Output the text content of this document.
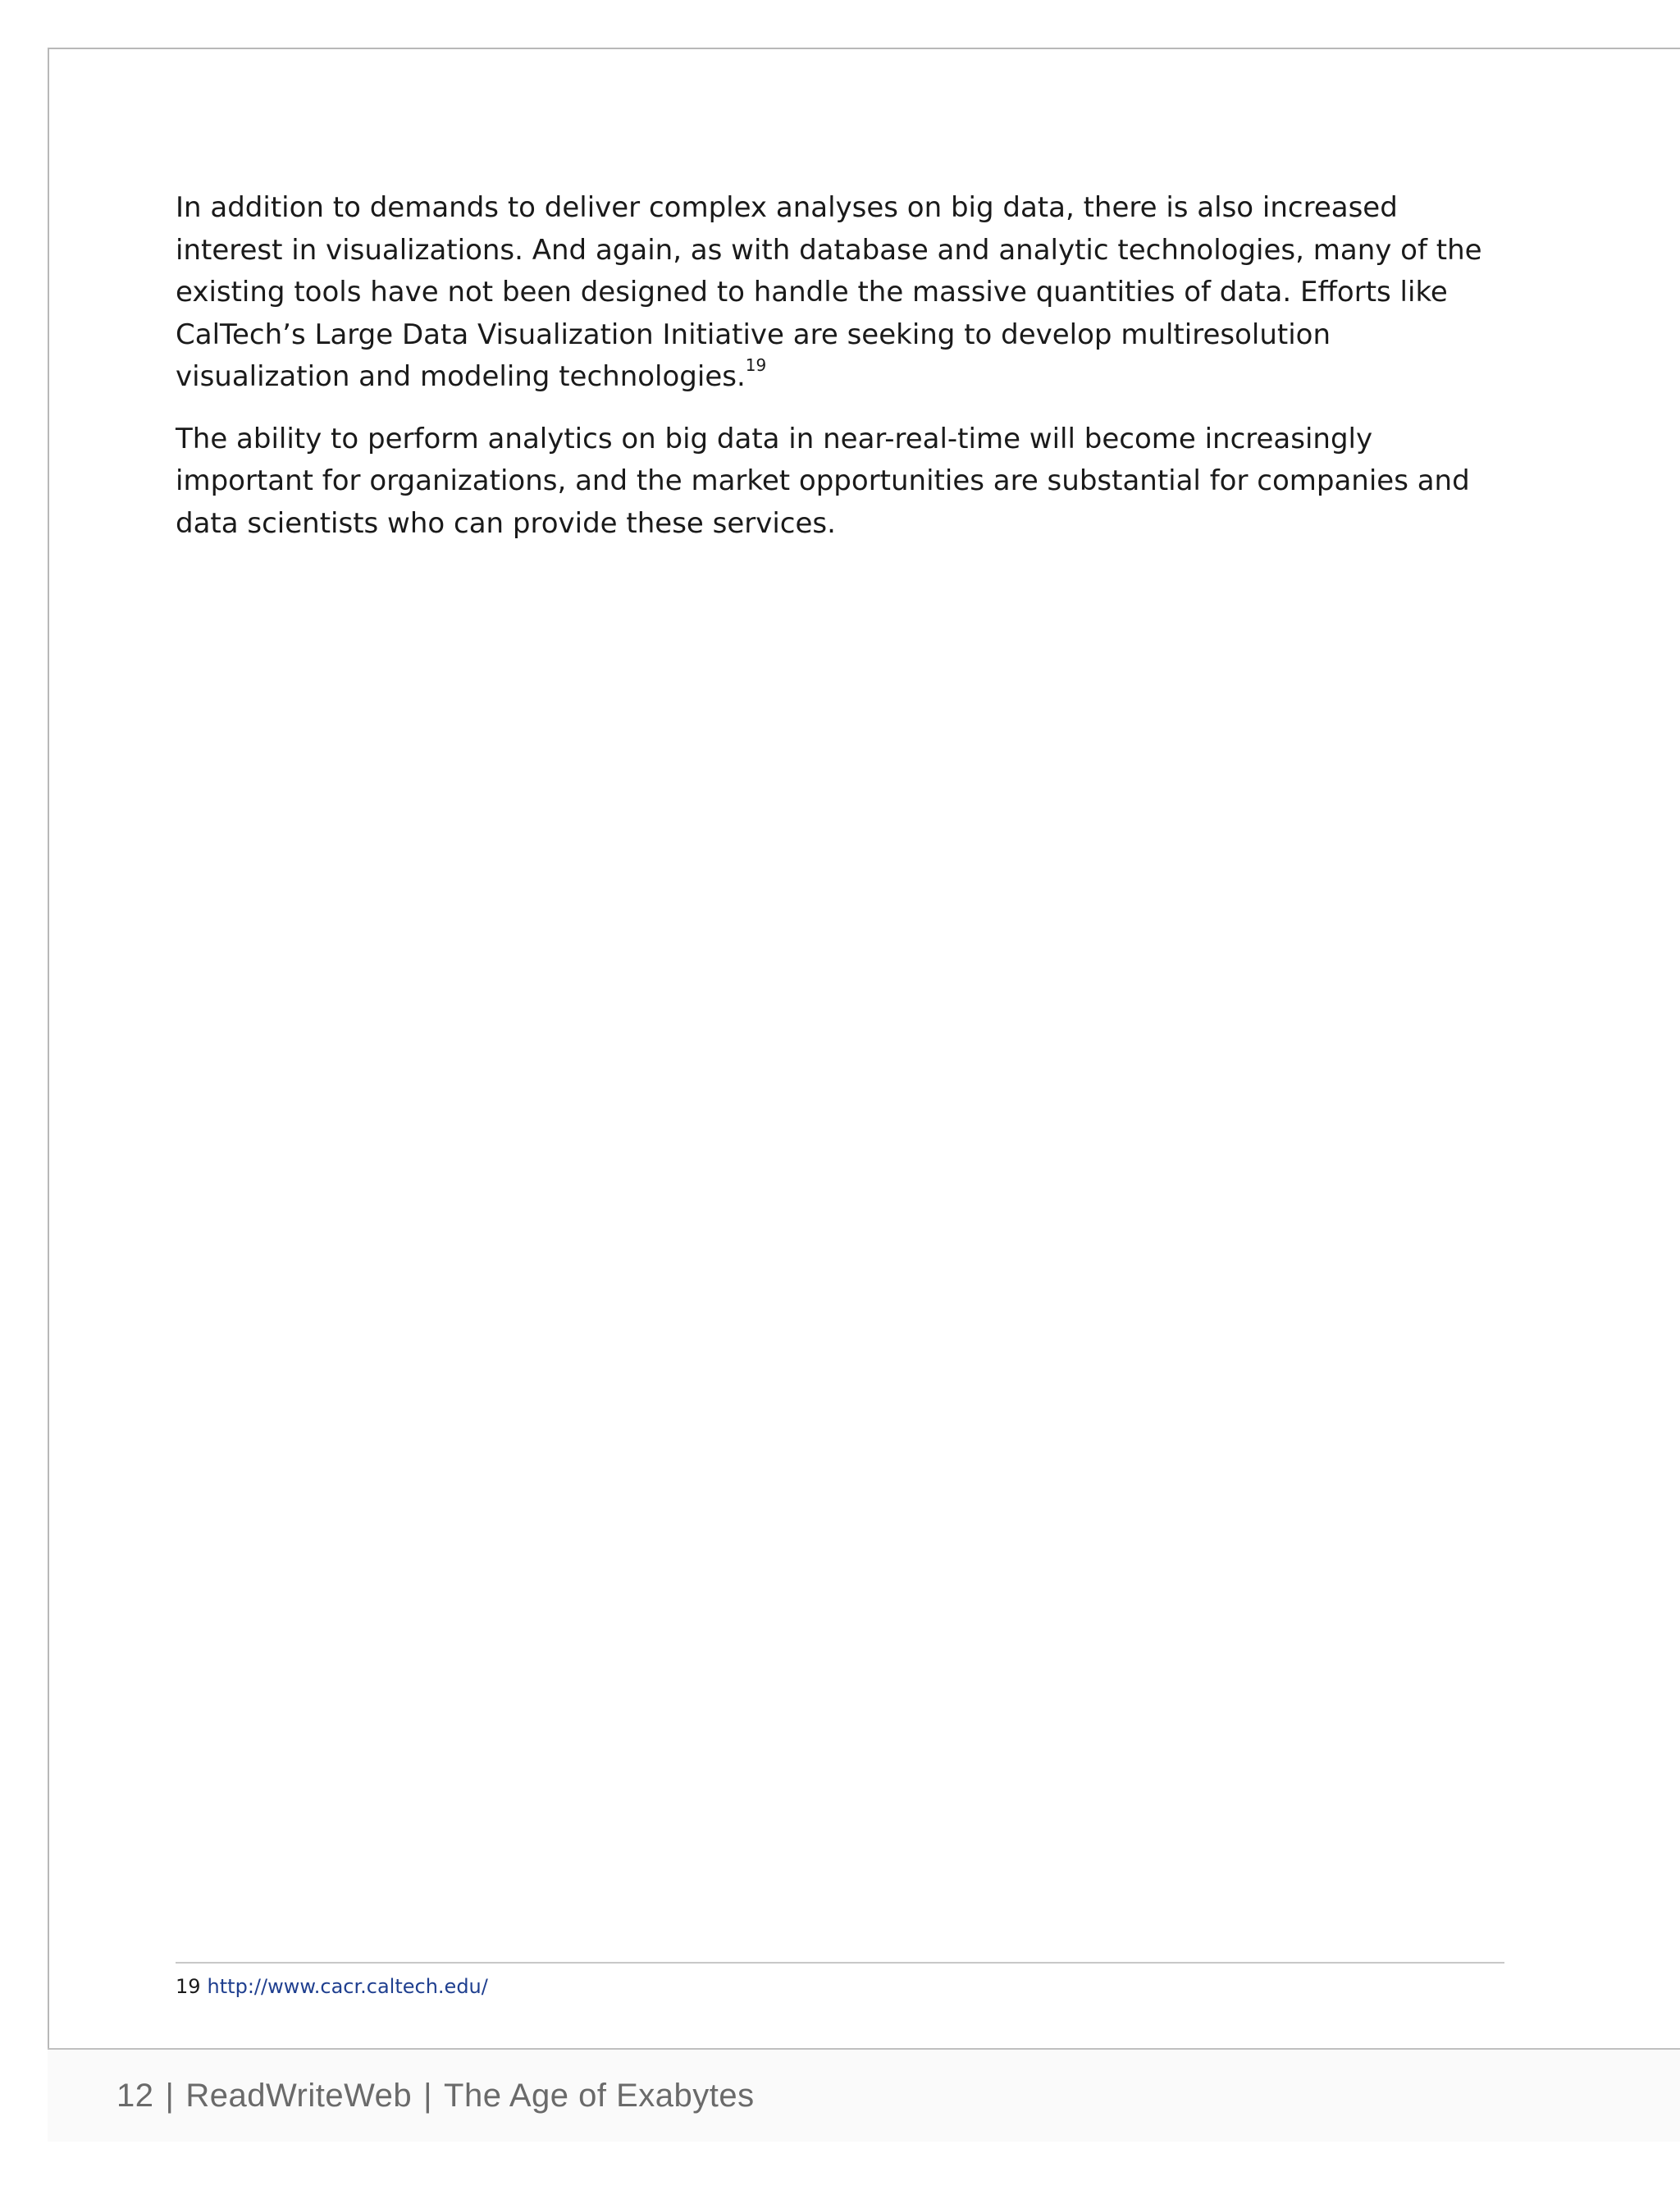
In addition to demands to deliver complex analyses on big data, there is also increased interest in visualizations. And again, as with database and analytic technologies, many of the existing tools have not been designed to handle the massive quantities of data. Efforts like CalTech’s Large Data Visualization Initiative are seeking to develop multiresolution visualization and modeling technologies.$^{19}$

The ability to perform analytics on big data in near-real-time will become increasingly important for organizations, and the market opportunities are substantial for companies and data scientists who can provide these services.

19 http://www.cacr.caltech.edu/
12 | ReadWriteWeb | The Age of Exabytes
